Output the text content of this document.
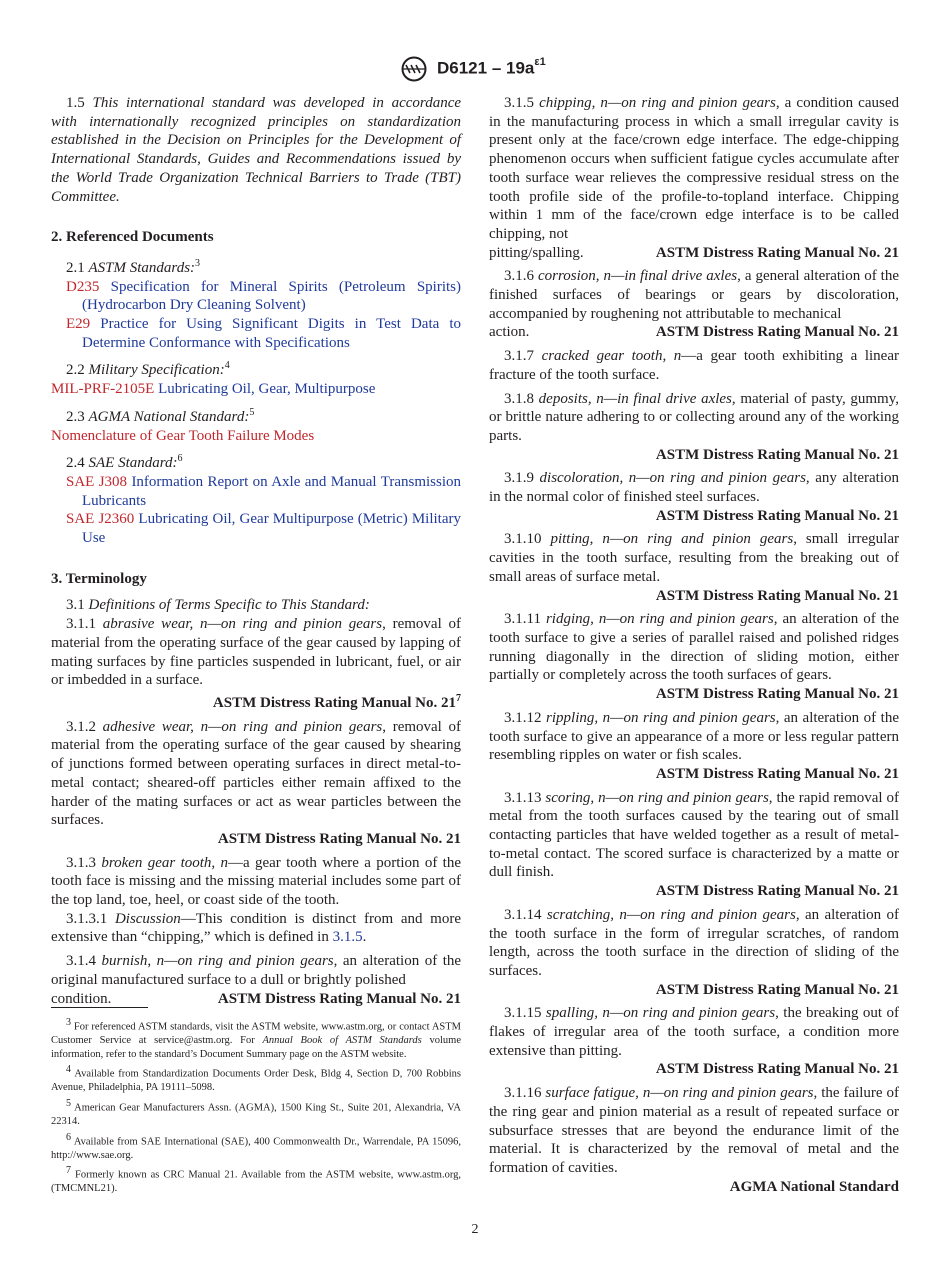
$D6121 - 19a^{\varepsilon 1}$

1.5 This international standard was developed in accordance with internationally recognized principles on standardization established in the Decision on Principles for the Development of International Standards, Guides and Recommendations issued by the World Trade Organization Technical Barriers to Trade (TBT) Committee.

2. Referenced Documents

2.1 ASTM Standards:$^3$

D235 Specification for Mineral Spirits (Petroleum Spirits) (Hydrocarbon Dry Cleaning Solvent)

E29 Practice for Using Significant Digits in Test Data to Determine Conformance with Specifications

2.2 Military Specification:$^4$

MIL-PRF-2105E Lubricating Oil, Gear, Multipurpose

2.3 AGMA National Standard:$^5$

Nomenclature of Gear Tooth Failure Modes

2.4 SAE Standard:$^6$

SAE J308 Information Report on Axle and Manual Transmission Lubricants

SAE J2360 Lubricating Oil, Gear Multipurpose (Metric) Military Use

3. Terminology

3.1 Definitions of Terms Specific to This Standard:

3.1.1 abrasive wear, n—on ring and pinion gears, removal of material from the operating surface of the gear caused by lapping of mating surfaces by fine particles suspended in lubricant, fuel, or air or imbedded in a surface.

ASTM Distress Rating Manual No. $21^7$

3.1.2 adhesive wear, n—on ring and pinion gears, removal of material from the operating surface of the gear caused by shearing of junctions formed between operating surfaces in direct metal-to-metal contact; sheared-off particles either remain affixed to the harder of the mating surfaces or act as wear particles between the surfaces.

ASTM Distress Rating Manual No. 21

3.1.3 broken gear tooth, n—a gear tooth where a portion of the tooth face is missing and the missing material includes some part of the top land, toe, heel, or coast side of the tooth.

3.1.3.1 Discussion—This condition is distinct from and more extensive than “chipping,” which is defined in 3.1.5.

3.1.4 burnish, n—on ring and pinion gears, an alteration of the original manufactured surface to a dull or brightly polished

condition.	ASTM Distress Rating Manual No. 21

$^3$ For referenced ASTM standards, visit the ASTM website, www.astm.org, or contact ASTM Customer Service at service@astm.org. For Annual Book of ASTM Standards volume information, refer to the standard’s Document Summary page on the ASTM website.

$^4$ Available from Standardization Documents Order Desk, Bldg 4, Section D, 700 Robbins Avenue, Philadelphia, PA 19111–5098.

$^5$ American Gear Manufacturers Assn. (AGMA), 1500 King St., Suite 201, Alexandria, VA 22314.

$^6$ Available from SAE International (SAE), 400 Commonwealth Dr., Warrendale, PA 15096, http://www.sae.org.

$^7$ Formerly known as CRC Manual 21. Available from the ASTM website, www.astm.org, (TMCMNL21).

3.1.5 chipping, n—on ring and pinion gears, a condition caused in the manufacturing process in which a small irregular cavity is present only at the face/crown edge interface. The edge-chipping phenomenon occurs when sufficient fatigue cycles accumulate after tooth surface wear relieves the compressive residual stress on the tooth profile side of the profile-to-topland interface. Chipping within 1 mm of the face/crown edge interface is to be called chipping, not

pitting/spalling.	ASTM Distress Rating Manual No. 21

3.1.6 corrosion, n—in final drive axles, a general alteration of the finished surfaces of bearings or gears by discoloration, accompanied by roughening not attributable to mechanical

action.	ASTM Distress Rating Manual No. 21

3.1.7 cracked gear tooth, n—a gear tooth exhibiting a linear fracture of the tooth surface.

3.1.8 deposits, n—in final drive axles, material of pasty, gummy, or brittle nature adhering to or collecting around any of the working parts.

ASTM Distress Rating Manual No. 21

3.1.9 discoloration, n—on ring and pinion gears, any alteration in the normal color of finished steel surfaces.

ASTM Distress Rating Manual No. 21

3.1.10 pitting, n—on ring and pinion gears, small irregular cavities in the tooth surface, resulting from the breaking out of small areas of surface metal.

ASTM Distress Rating Manual No. 21

3.1.11 ridging, n—on ring and pinion gears, an alteration of the tooth surface to give a series of parallel raised and polished ridges running diagonally in the direction of sliding motion, either partially or completely across the tooth surfaces of gears.

ASTM Distress Rating Manual No. 21

3.1.12 rippling, n—on ring and pinion gears, an alteration of the tooth surface to give an appearance of a more or less regular pattern resembling ripples on water or fish scales.

ASTM Distress Rating Manual No. 21

3.1.13 scoring, n—on ring and pinion gears, the rapid removal of metal from the tooth surfaces caused by the tearing out of small contacting particles that have welded together as a result of metal-to-metal contact. The scored surface is characterized by a matte or dull finish.

ASTM Distress Rating Manual No. 21

3.1.14 scratching, n—on ring and pinion gears, an alteration of the tooth surface in the form of irregular scratches, of random length, across the tooth surface in the direction of sliding of the surfaces.

ASTM Distress Rating Manual No. 21

3.1.15 spalling, n—on ring and pinion gears, the breaking out of flakes of irregular area of the tooth surface, a condition more extensive than pitting.

ASTM Distress Rating Manual No. 21

3.1.16 surface fatigue, n—on ring and pinion gears, the failure of the ring gear and pinion material as a result of repeated surface or subsurface stresses that are beyond the endurance limit of the material. It is characterized by the removal of metal and the formation of cavities.

AGMA National Standard

2
